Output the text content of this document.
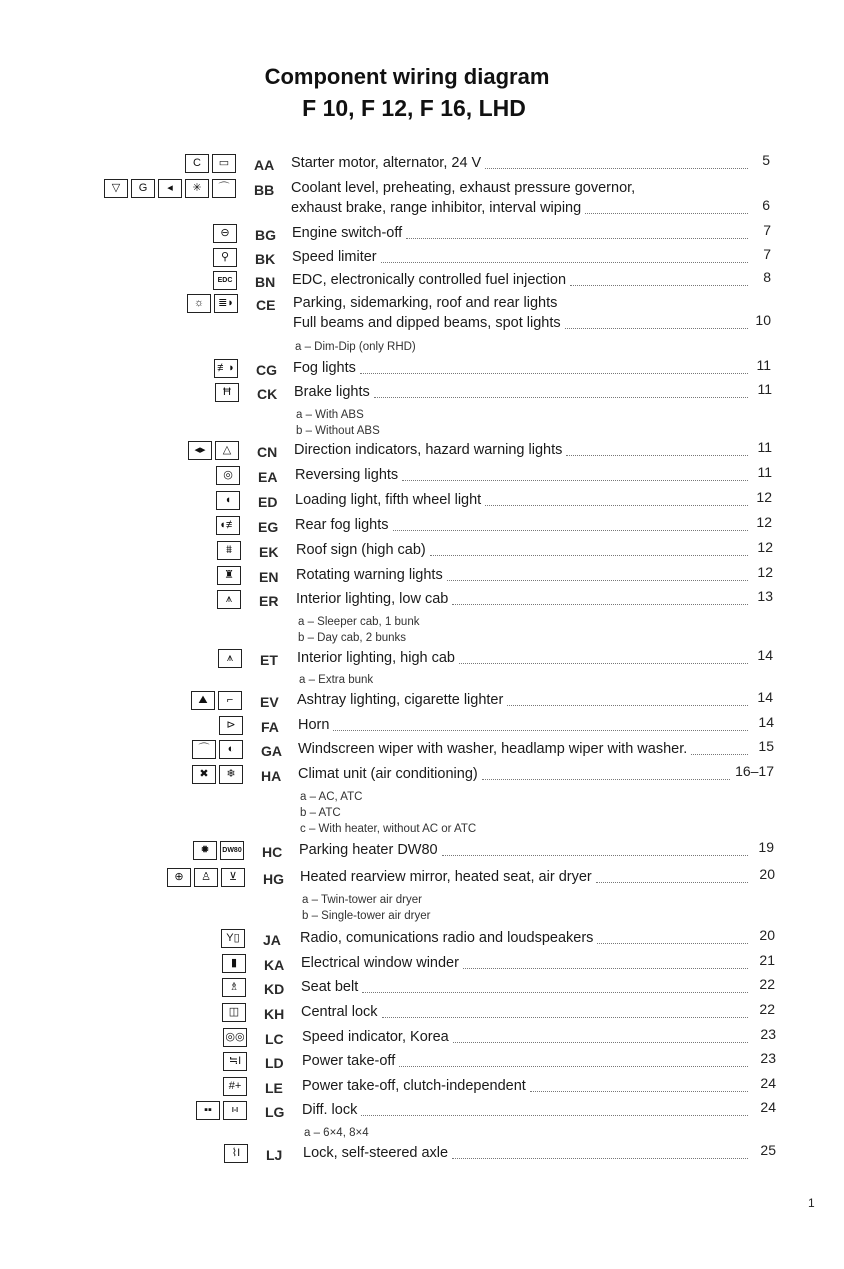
Component wiring diagram
F 10, F 12, F 16, LHD
C	▭	AA Starter motor, alternator, 24 V	5
▽	G	◂	✳	⌒	BB Coolant level, preheating, exhaust pressure governor,
exhaust brake, range inhibitor, interval wiping	6
⊖	BG Engine switch-off	7
⚲	BK Speed limiter	7
EDC	BN EDC, electronically controlled fuel injection	8
☼	≣◗ CE Parking, sidemarking, roof and rear lights
Full beams and dipped beams, spot lights	10
a – Dim-Dip (only RHD)
≢◗ CG Fog lights	11
Ħ	CK Brake lights	11
a – With ABS
b – Without ABS
◂▸	△	CN Direction indicators, hazard warning lights	11
◎	EA Reversing lights	11
◖	ED Loading light, fifth wheel light	12
◖≢ EG Rear fog lights	12
⩩	EK Roof sign (high cab)	12
♜	EN Rotating warning lights	12
⩚	ER Interior lighting, low cab	13
a – Sleeper cab, 1 bunk
b – Day cab, 2 bunks
⩚	ET Interior lighting, high cab	14
a – Extra bunk
⛰	⌐	EV Ashtray lighting, cigarette lighter	14
⊳	FA Horn	14
⌒	◐	GA Windscreen wiper with washer, headlamp wiper with washer.	15
✖	❄	HA Climat unit (air conditioning)	16–17
a – AC, ATC
b – ATC
c – With heater, without AC or ATC
✹	DW80 HC Parking heater DW80	19
⊕	♙	⊻	HG Heated rearview mirror, heated seat, air dryer	20
a – Twin-tower air dryer
b – Single-tower air dryer
Y▯	JA Radio, comunications radio and loudspeakers	20
▮	KA Electrical window winder	21
♗	KD Seat belt	22
◫	KH Central lock	22
◎◎ LC Speed indicator, Korea	23
≒I	LD Power take-off	23
#+	LE Power take-off, clutch-independent	24
▪▪	I-I	LG Diff. lock	24
a – 6×4, 8×4
⌇I	LJ Lock, self-steered axle	25
1
